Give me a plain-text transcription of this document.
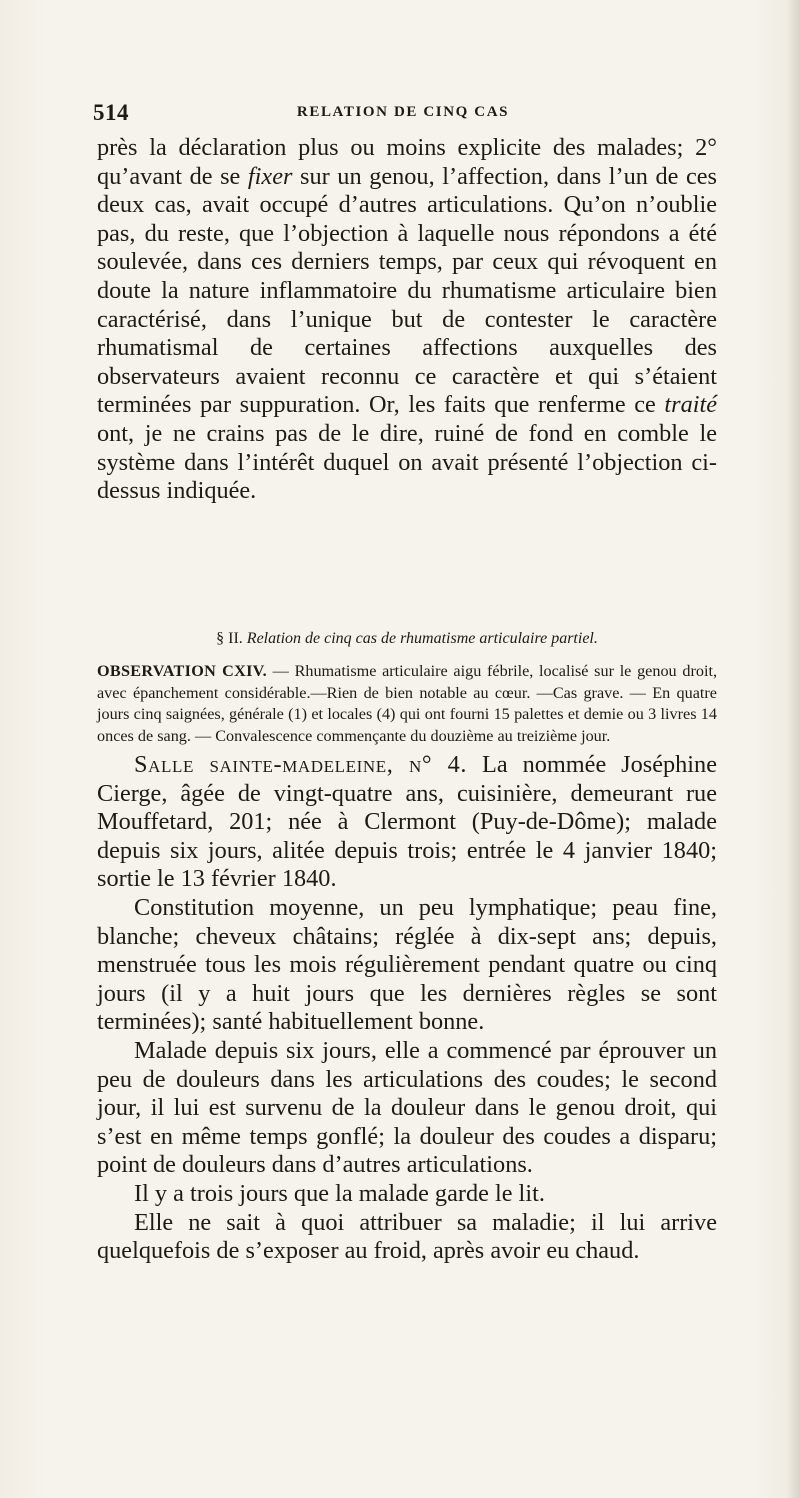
514	RELATION DE CINQ CAS

près la déclaration plus ou moins explicite des malades; 2° qu’avant de se fixer sur un genou, l’affection, dans l’un de ces deux cas, avait occupé d’autres articulations. Qu’on n’oublie pas, du reste, que l’objection à laquelle nous répondons a été soulevée, dans ces derniers temps, par ceux qui révoquent en doute la nature inflammatoire du rhumatisme articulaire bien caractérisé, dans l’unique but de contester le caractère rhumatismal de certaines affections auxquelles des observateurs avaient reconnu ce caractère et qui s’étaient terminées par suppuration. Or, les faits que renferme ce traité ont, je ne crains pas de le dire, ruiné de fond en comble le système dans l’intérêt duquel on avait présenté l’objection ci-dessus indiquée.

§ II. Relation de cinq cas de rhumatisme articulaire partiel.
OBSERVATION CXIV. — Rhumatisme articulaire aigu fébrile, localisé sur le genou droit, avec épanchement considérable.—Rien de bien notable au cœur. —Cas grave. — En quatre jours cinq saignées, générale (1) et locales (4) qui ont fourni 15 palettes et demie ou 3 livres 14 onces de sang. — Convalescence commençante du douzième au treizième jour.

Salle sainte-madeleine, n° 4. La nommée Joséphine Cierge, âgée de vingt-quatre ans, cuisinière, demeurant rue Mouffetard, 201; née à Clermont (Puy-de-Dôme); malade depuis six jours, alitée depuis trois; entrée le 4 janvier 1840; sortie le 13 février 1840.

Constitution moyenne, un peu lymphatique; peau fine, blanche; cheveux châtains; réglée à dix-sept ans; depuis, menstruée tous les mois régulièrement pendant quatre ou cinq jours (il y a huit jours que les dernières règles se sont terminées); santé habituellement bonne.

Malade depuis six jours, elle a commencé par éprouver un peu de douleurs dans les articulations des coudes; le second jour, il lui est survenu de la douleur dans le genou droit, qui s’est en même temps gonflé; la douleur des coudes a disparu; point de douleurs dans d’autres articulations.

Il y a trois jours que la malade garde le lit.

Elle ne sait à quoi attribuer sa maladie; il lui arrive quelquefois de s’exposer au froid, après avoir eu chaud.
